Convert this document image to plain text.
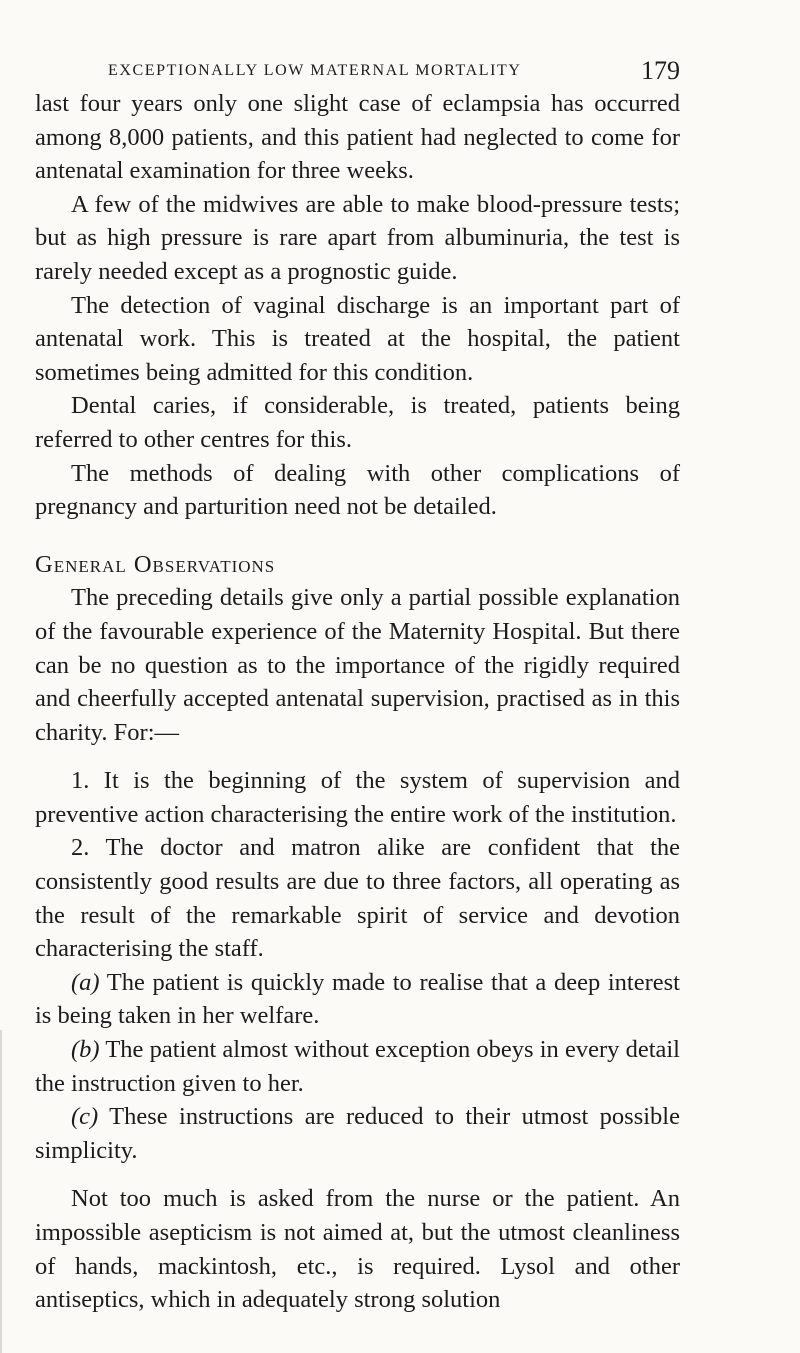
EXCEPTIONALLY LOW MATERNAL MORTALITY	179

last four years only one slight case of eclampsia has occurred among 8,000 patients, and this patient had neglected to come for antenatal examination for three weeks.

A few of the midwives are able to make blood-pressure tests; but as high pressure is rare apart from albuminuria, the test is rarely needed except as a prognostic guide.

The detection of vaginal discharge is an important part of antenatal work. This is treated at the hospital, the patient sometimes being admitted for this condition.

Dental caries, if considerable, is treated, patients being referred to other centres for this.

The methods of dealing with other complications of pregnancy and parturition need not be detailed.

General Observations

The preceding details give only a partial possible explanation of the favourable experience of the Maternity Hospital. But there can be no question as to the importance of the rigidly required and cheerfully accepted antenatal supervision, practised as in this charity. For:—

1. It is the beginning of the system of supervision and preventive action characterising the entire work of the institution.

2. The doctor and matron alike are confident that the consistently good results are due to three factors, all operating as the result of the remarkable spirit of service and devotion characterising the staff.

(a) The patient is quickly made to realise that a deep interest is being taken in her welfare.

(b) The patient almost without exception obeys in every detail the instruction given to her.

(c) These instructions are reduced to their utmost possible simplicity.

Not too much is asked from the nurse or the patient. An impossible asepticism is not aimed at, but the utmost cleanliness of hands, mackintosh, etc., is required. Lysol and other antiseptics, which in adequately strong solution
